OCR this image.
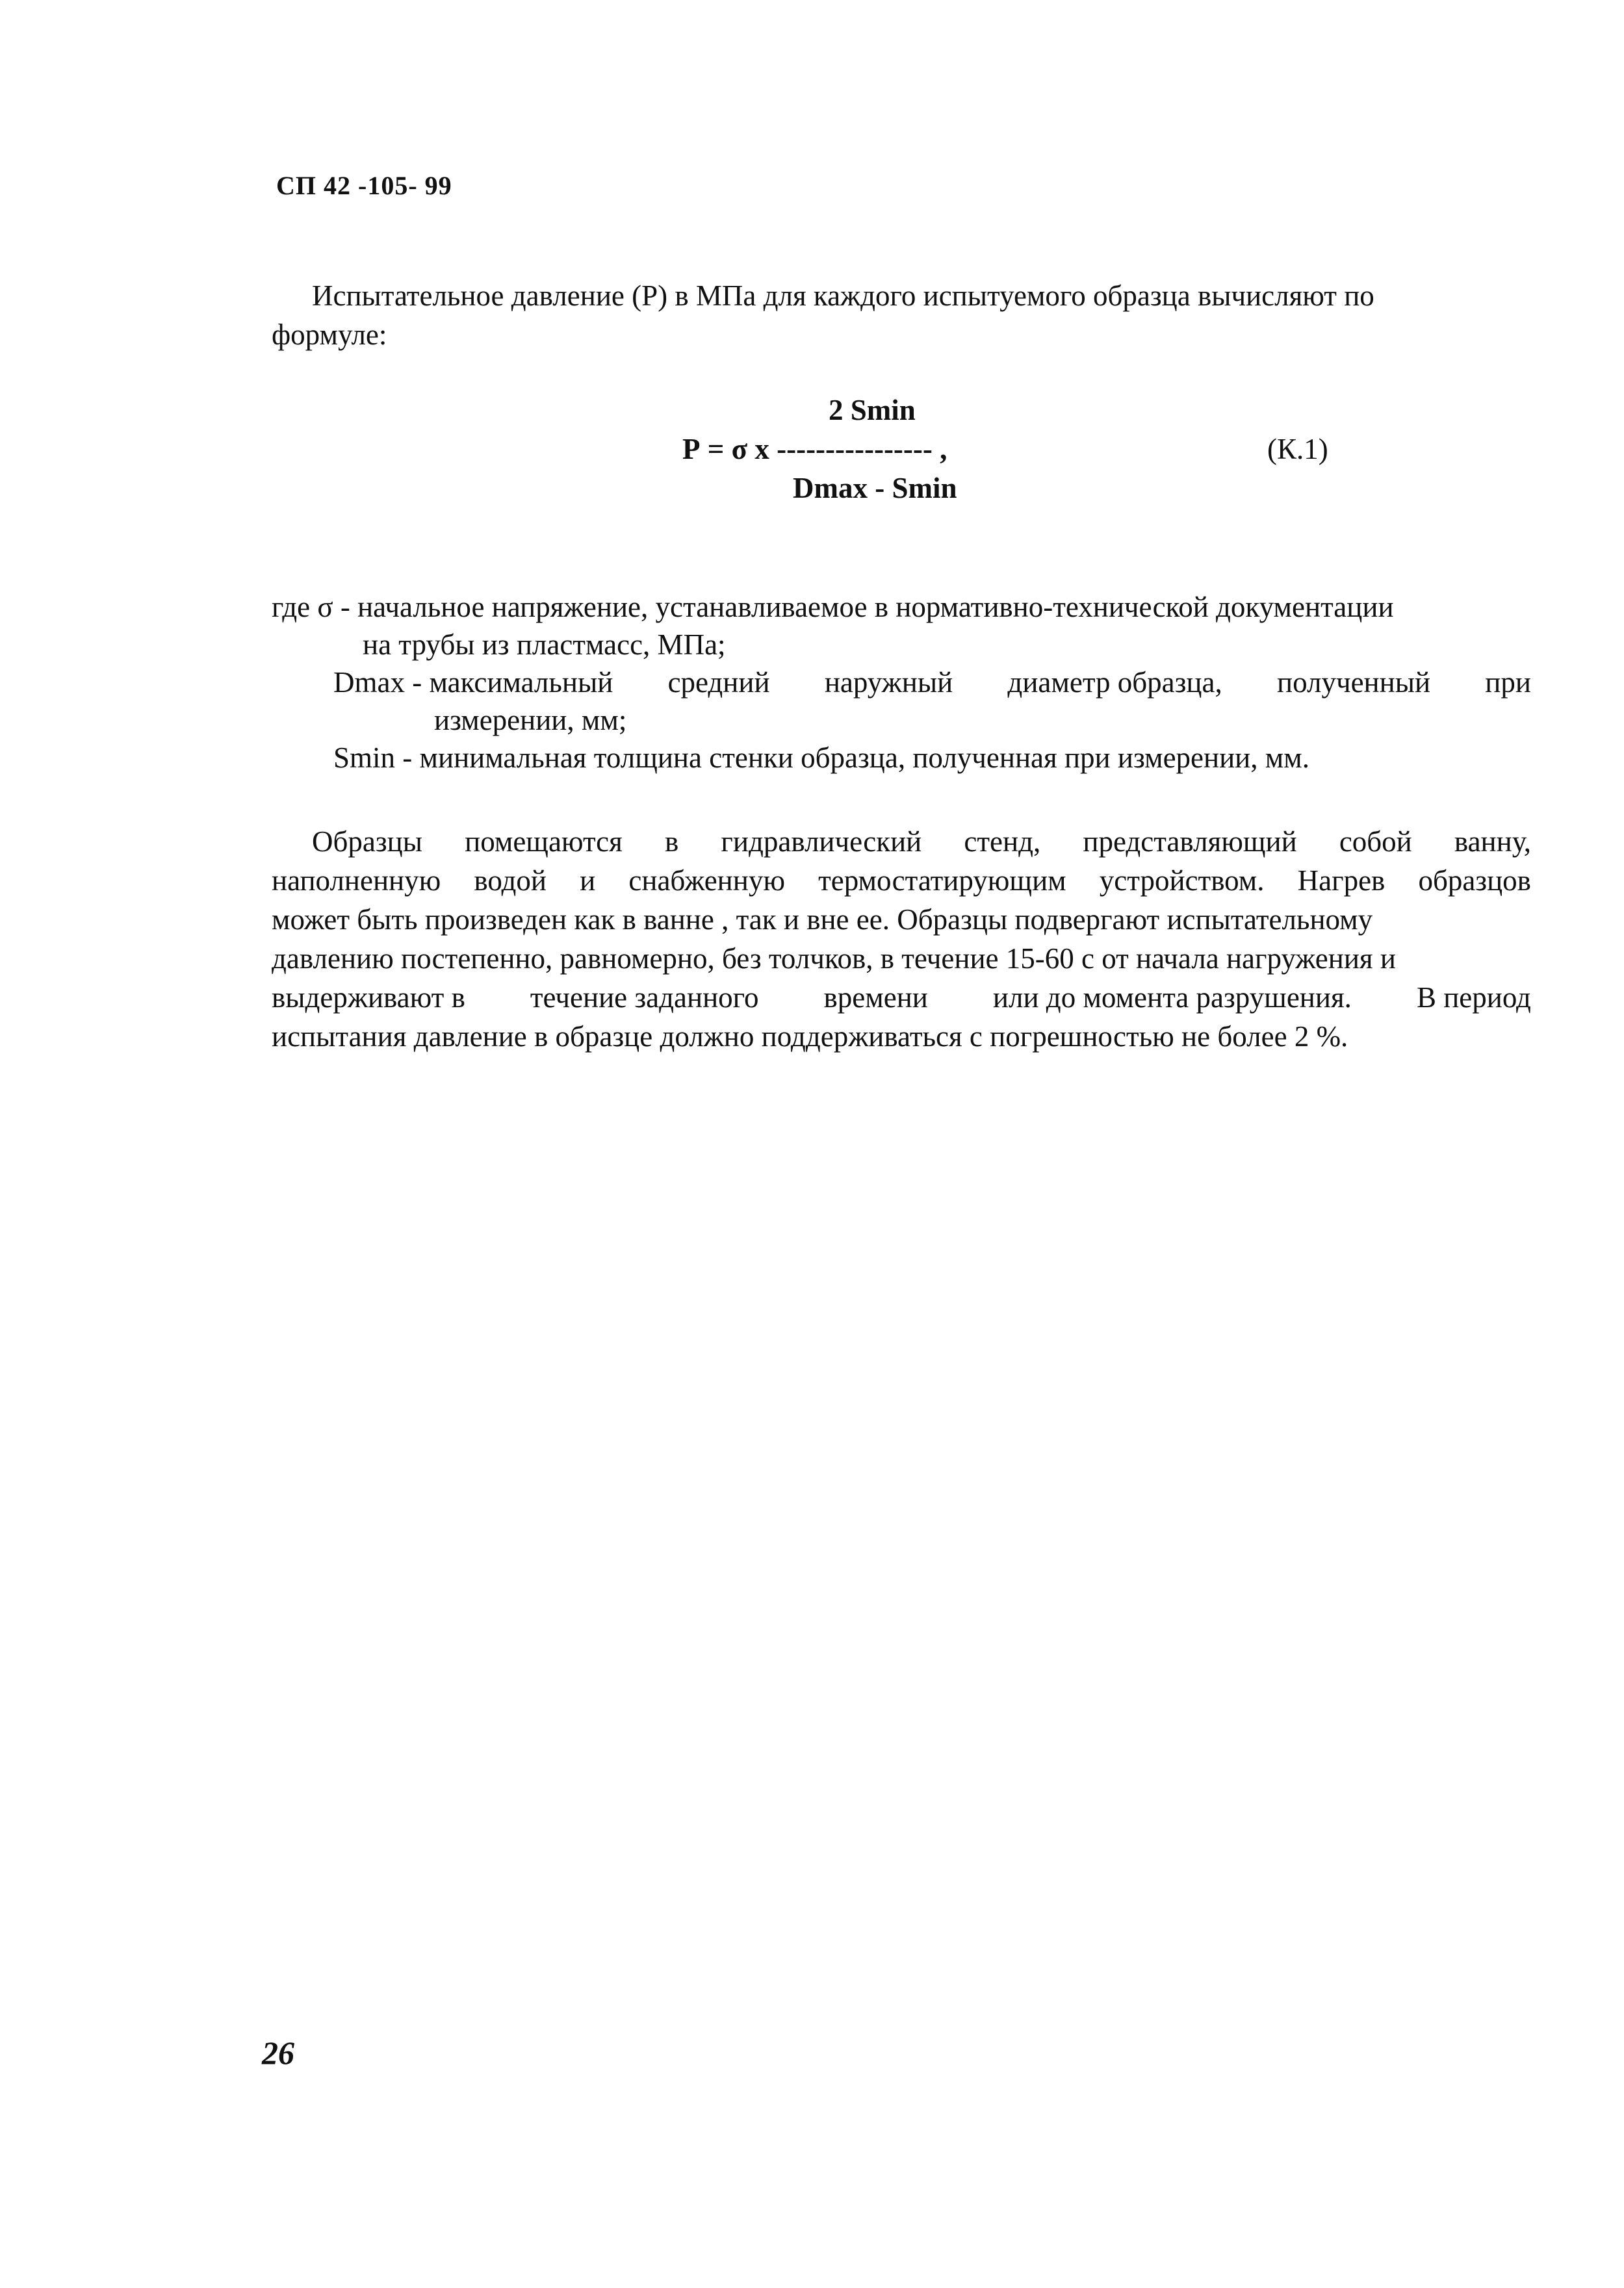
СП 42 -105- 99
Испытательное давление (Р) в МПа для каждого испытуемого образца вычисляют по
формуле:
2 Smin
Р = σ x ---------------- ,
Dmax - Smin
(К.1)
где σ - начальное напряжение, устанавливаемое в нормативно-технической документации
на трубы из пластмасс, МПа;
Dmax - максимальный средний наружный диаметр образца, полученный при
измерении, мм;
Smin - минимальная толщина стенки образца, полученная при измерении, мм.
Образцы	помещаются	в	гидравлический	стенд,	представляющий	собой	ванну,
наполненную водой и снабженную термостатирующим устройством. Нагрев образцов
может быть произведен как в ванне , так и вне ее. Образцы подвергают испытательному
давлению постепенно, равномерно, без толчков, в течение 15-60 с от начала нагружения и
выдерживают в течение заданного времени или до момента разрушения. В период
испытания давление в образце должно поддерживаться с погрешностью не более 2 %.
26
